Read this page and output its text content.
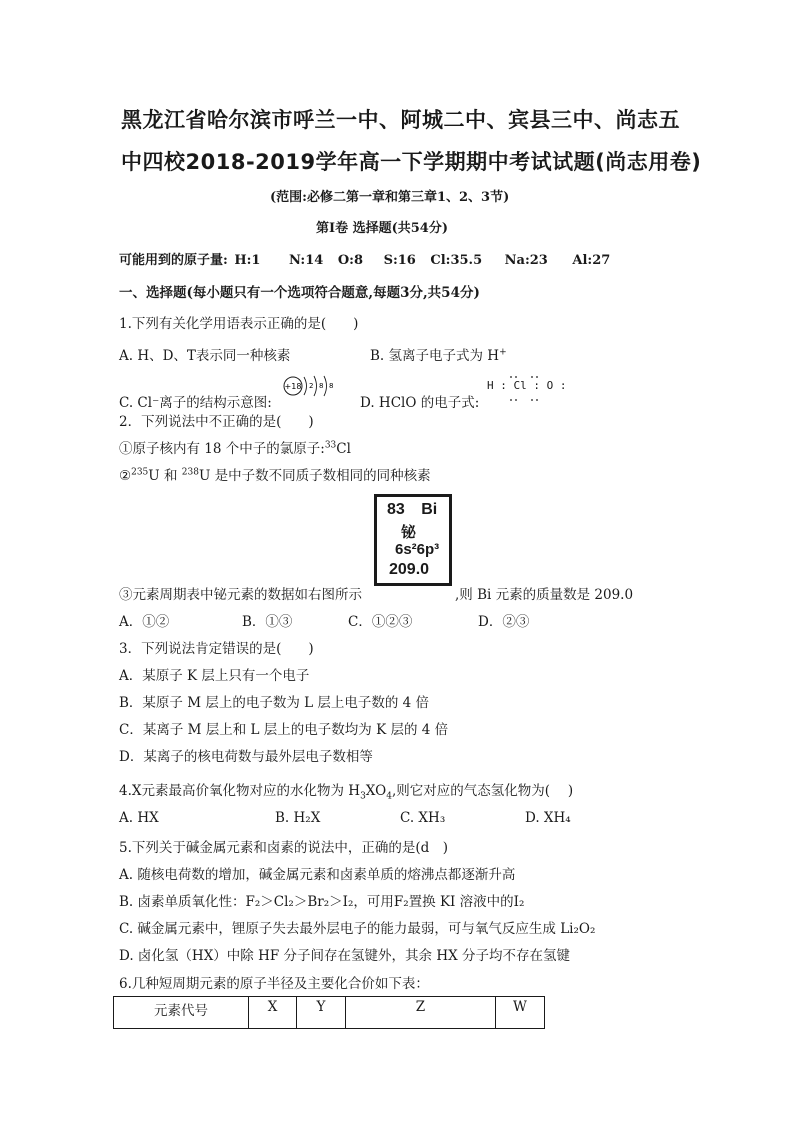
黑龙江省哈尔滨市呼兰一中、阿城二中、宾县三中、尚志五
中四校2018-2019学年高一下学期期中考试试题(尚志用卷)
(范围:必修二第一章和第三章1、2、3节)
第Ⅰ卷 选择题(共54分)
可能用到的原子量: H:1 N:14 O:8 S:16 Cl:35.5 Na:23 Al:27
一、选择题(每小题只有一个选项符合题意,每题3分,共54分)
1.下列有关化学用语表示正确的是(　　)
A. H、D、T表示同一种核素	B. 氢离子电子式为 H+
C. Cl⁻离子的结构示意图:
+18 2 8 8
D. HClO 的电子式:
H : Cl : O :
2．下列说法中不正确的是(　　)
①原子核内有 18 个中子的氯原子:$^{33}$Cl
②$^{235}$U 和 $^{238}$U 是中子数不同质子数相同的同种核素
83 Bi
铋
6s²6p³
209.0
③元素周期表中铋元素的数据如右图所示	,则 Bi 元素的质量数是 209.0
A．①②	B．①③	C．①②③	D．②③
3．下列说法肯定错误的是(　　)
A．某原子 K 层上只有一个电子
B．某原子 M 层上的电子数为 L 层上电子数的 4 倍
C．某离子 M 层上和 L 层上的电子数均为 K 层的 4 倍
D．某离子的核电荷数与最外层电子数相等
4.X元素最高价氧化物对应的水化物为 $H_3XO_4$,则它对应的气态氢化物为(　 )
A. HX	B. H₂X	C. XH₃	D. XH₄
5.下列关于碱金属元素和卤素的说法中，正确的是(d　)
A. 随核电荷数的增加，碱金属元素和卤素单质的熔沸点都逐渐升高
B. 卤素单质氧化性：F₂＞Cl₂＞Br₂＞I₂，可用F₂置换 KI 溶液中的I₂
C. 碱金属元素中，锂原子失去最外层电子的能力最弱，可与氧气反应生成 Li₂O₂
D. 卤化氢（HX）中除 HF 分子间存在氢键外，其余 HX 分子均不存在氢键
6.几种短周期元素的原子半径及主要化合价如下表：
元素代号	X	Y	Z	W
